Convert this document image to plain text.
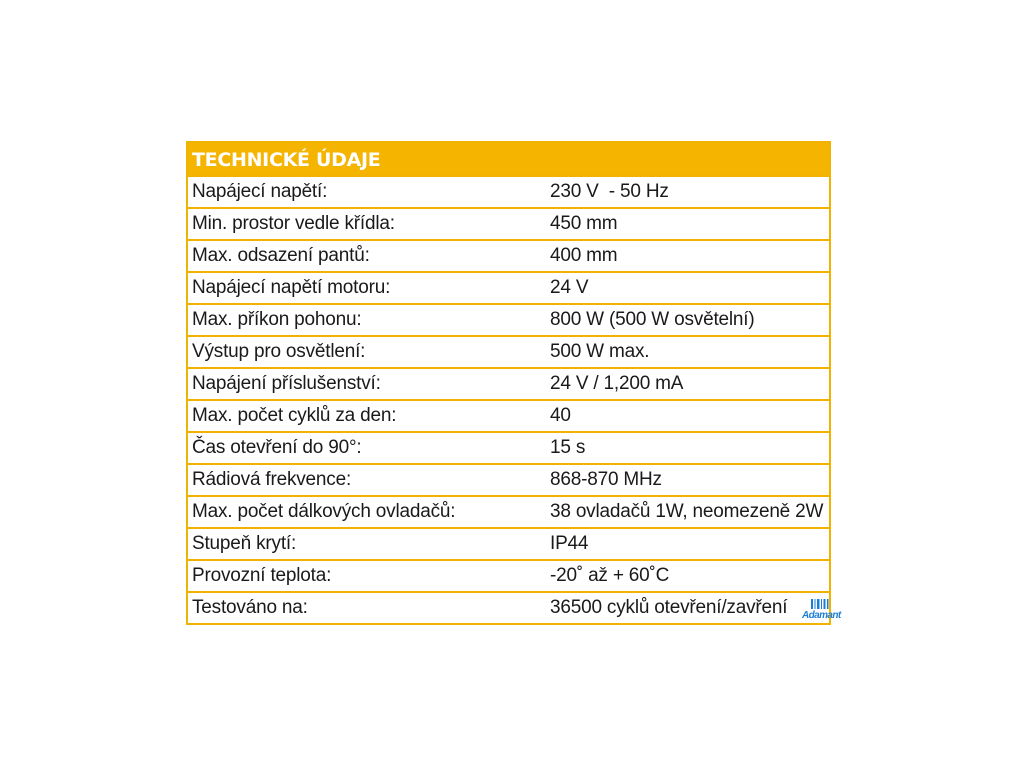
TECHNICKÉ ÚDAJE
Napájecí napětí:	230 V  - 50 Hz
Min. prostor vedle křídla:	450 mm
Max. odsazení pantů:	400 mm
Napájecí napětí motoru:	24 V
Max. příkon pohonu:	800 W (500 W osvětelní)
Výstup pro osvětlení:	500 W max.
Napájení příslušenství:	24 V / 1,200 mA
Max. počet cyklů za den:	40
Čas otevření do 90°:	15 s
Rádiová frekvence:	868-870 MHz
Max. počet dálkových ovladačů:	38 ovladačů 1W, neomezeně 2W
Stupeň krytí:	IP44
Provozní teplota:	-20˚ až + 60˚C
Testováno na:	36500 cyklů otevření/zavření	Adamant
